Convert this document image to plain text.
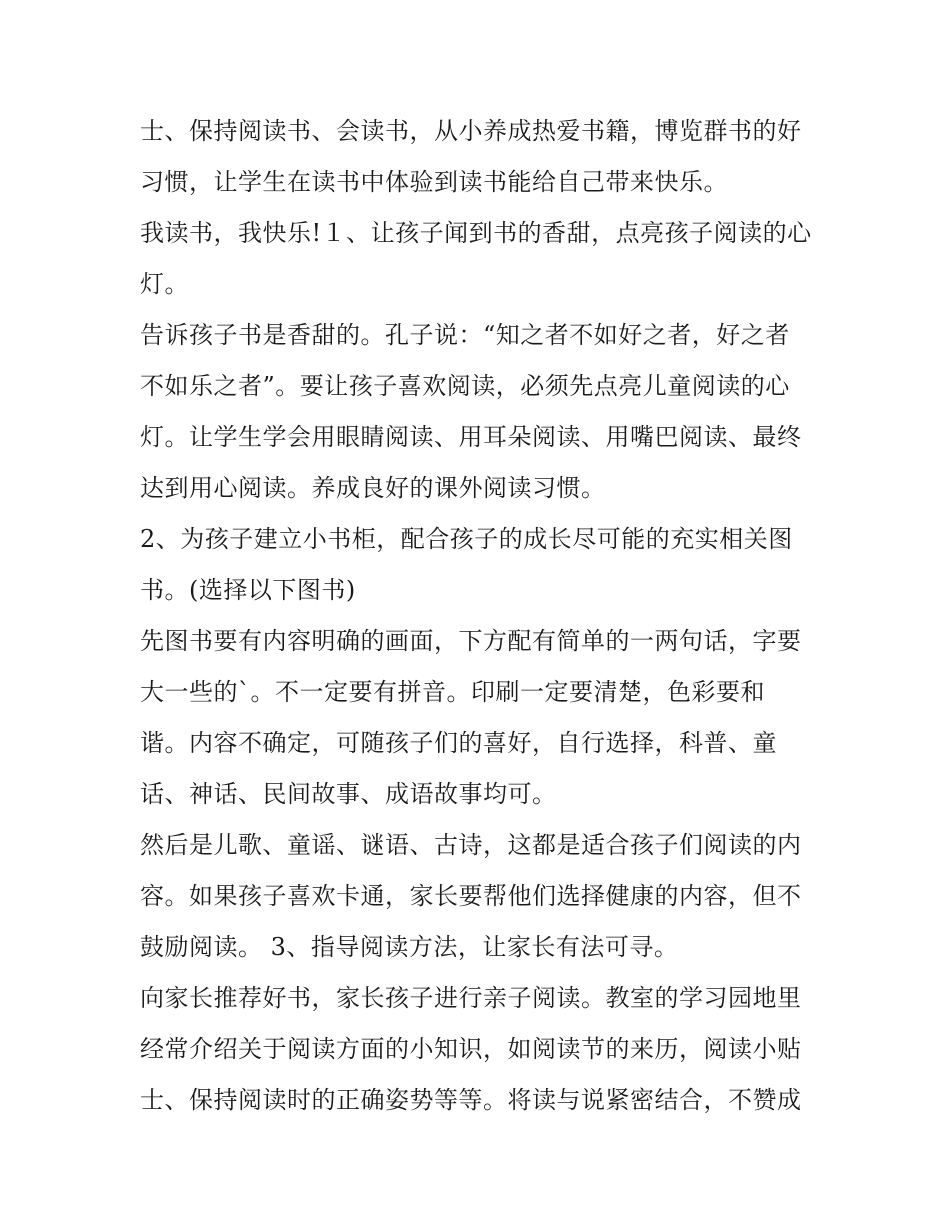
士、保持阅读书、会读书，从小养成热爱书籍，博览群书的好
习惯，让学生在读书中体验到读书能给自己带来快乐。
我读书，我快乐!１、让孩子闻到书的香甜，点亮孩子阅读的心
灯。
告诉孩子书是香甜的。孔子说：“知之者不如好之者，好之者
不如乐之者”。要让孩子喜欢阅读，必须先点亮儿童阅读的心
灯。让学生学会用眼睛阅读、用耳朵阅读、用嘴巴阅读、最终
达到用心阅读。养成良好的课外阅读习惯。
2、为孩子建立小书柜，配合孩子的成长尽可能的充实相关图
书。(选择以下图书)
先图书要有内容明确的画面，下方配有简单的一两句话，字要
大一些的`。不一定要有拼音。印刷一定要清楚，色彩要和
谐。内容不确定，可随孩子们的喜好，自行选择，科普、童
话、神话、民间故事、成语故事均可。
然后是儿歌、童谣、谜语、古诗，这都是适合孩子们阅读的内
容。如果孩子喜欢卡通，家长要帮他们选择健康的内容，但不
鼓励阅读。 3、指导阅读方法，让家长有法可寻。
向家长推荐好书，家长孩子进行亲子阅读。教室的学习园地里
经常介绍关于阅读方面的小知识，如阅读节的来历，阅读小贴
士、保持阅读时的正确姿势等等。将读与说紧密结合，不赞成
